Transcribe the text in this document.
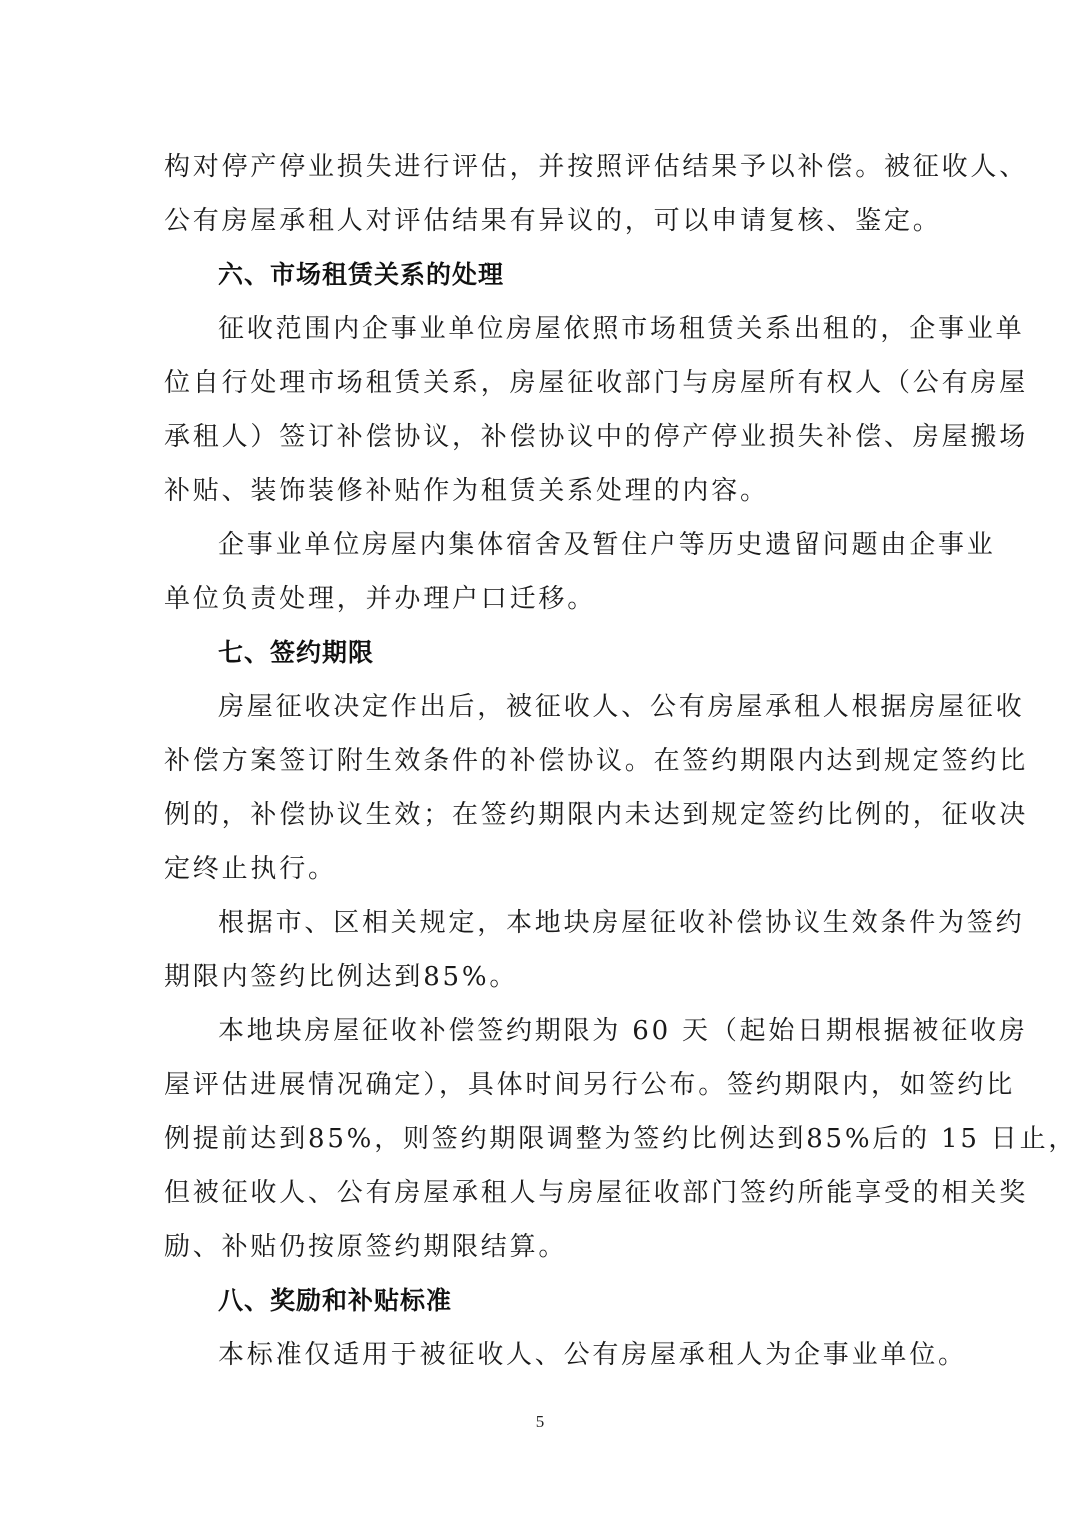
构对停产停业损失进行评估，并按照评估结果予以补偿。被征收人、
公有房屋承租人对评估结果有异议的，可以申请复核、鉴定。
六、市场租赁关系的处理
征收范围内企事业单位房屋依照市场租赁关系出租的，企事业单
位自行处理市场租赁关系，房屋征收部门与房屋所有权人（公有房屋
承租人）签订补偿协议，补偿协议中的停产停业损失补偿、房屋搬场
补贴、装饰装修补贴作为租赁关系处理的内容。
企事业单位房屋内集体宿舍及暂住户等历史遗留问题由企事业
单位负责处理，并办理户口迁移。
七、签约期限
房屋征收决定作出后，被征收人、公有房屋承租人根据房屋征收
补偿方案签订附生效条件的补偿协议。在签约期限内达到规定签约比
例的，补偿协议生效；在签约期限内未达到规定签约比例的，征收决
定终止执行。
根据市、区相关规定，本地块房屋征收补偿协议生效条件为签约
期限内签约比例达到85%。
本地块房屋征收补偿签约期限为 60 天（起始日期根据被征收房
屋评估进展情况确定），具体时间另行公布。签约期限内，如签约比
例提前达到85%，则签约期限调整为签约比例达到85%后的 15 日止，
但被征收人、公有房屋承租人与房屋征收部门签约所能享受的相关奖
励、补贴仍按原签约期限结算。
八、奖励和补贴标准
本标准仅适用于被征收人、公有房屋承租人为企事业单位。
5
